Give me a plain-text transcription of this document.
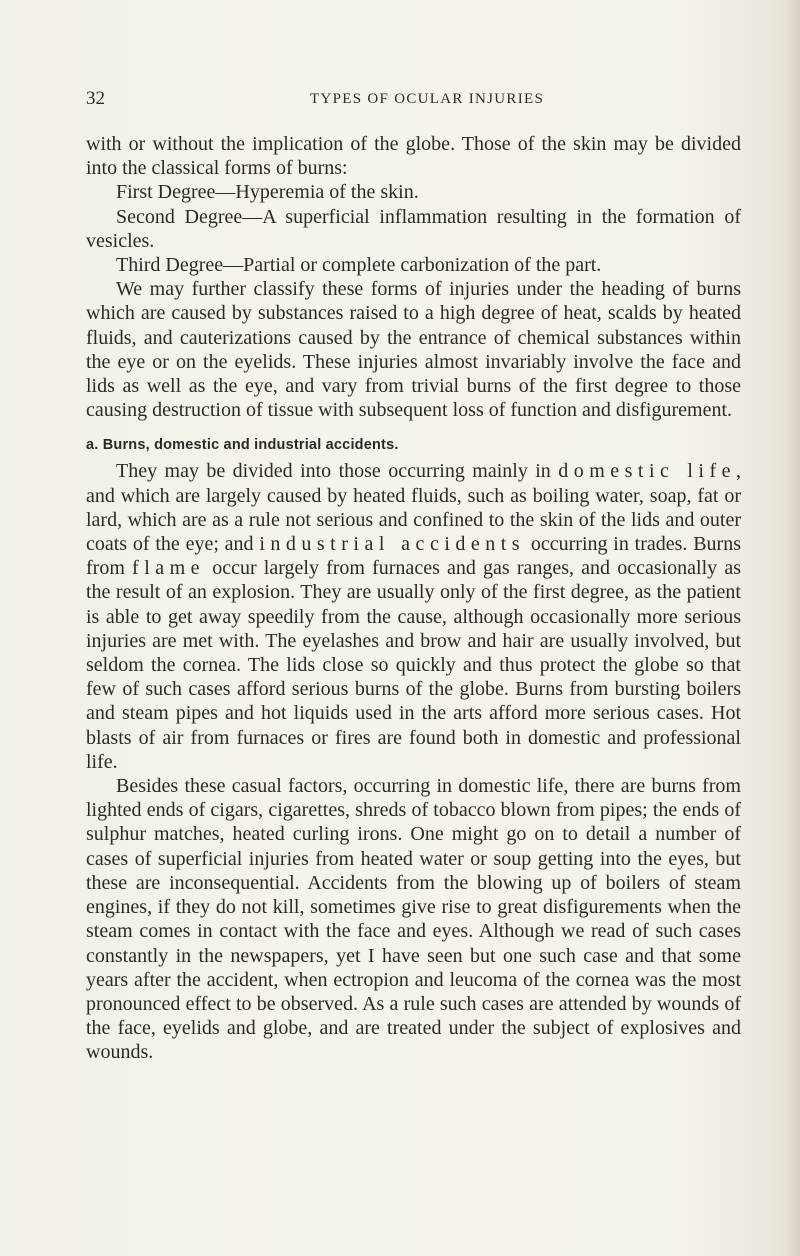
32	TYPES OF OCULAR INJURIES

with or without the implication of the globe. Those of the skin may be divided into the classical forms of burns:

First Degree—Hyperemia of the skin.

Second Degree—A superficial inflammation resulting in the formation of vesicles.

Third Degree—Partial or complete carbonization of the part.

We may further classify these forms of injuries under the heading of burns which are caused by substances raised to a high degree of heat, scalds by heated fluids, and cauterizations caused by the entrance of chemical substances within the eye or on the eyelids. These injuries almost invariably involve the face and lids as well as the eye, and vary from trivial burns of the first degree to those causing destruction of tissue with subsequent loss of function and disfigurement.

a. Burns, domestic and industrial accidents.

They may be divided into those occurring mainly in domestic life, and which are largely caused by heated fluids, such as boiling water, soap, fat or lard, which are as a rule not serious and confined to the skin of the lids and outer coats of the eye; and industrial accidents occurring in trades. Burns from flame occur largely from furnaces and gas ranges, and occasionally as the result of an explosion. They are usually only of the first degree, as the patient is able to get away speedily from the cause, although occasionally more serious injuries are met with. The eyelashes and brow and hair are usually involved, but seldom the cornea. The lids close so quickly and thus protect the globe so that few of such cases afford serious burns of the globe. Burns from bursting boilers and steam pipes and hot liquids used in the arts afford more serious cases. Hot blasts of air from furnaces or fires are found both in domestic and professional life.

Besides these casual factors, occurring in domestic life, there are burns from lighted ends of cigars, cigarettes, shreds of tobacco blown from pipes; the ends of sulphur matches, heated curling irons. One might go on to detail a number of cases of superficial injuries from heated water or soup getting into the eyes, but these are inconsequential. Accidents from the blowing up of boilers of steam engines, if they do not kill, sometimes give rise to great disfigurements when the steam comes in contact with the face and eyes. Although we read of such cases constantly in the newspapers, yet I have seen but one such case and that some years after the accident, when ectropion and leucoma of the cornea was the most pronounced effect to be observed. As a rule such cases are attended by wounds of the face, eyelids and globe, and are treated under the subject of explosives and wounds.
